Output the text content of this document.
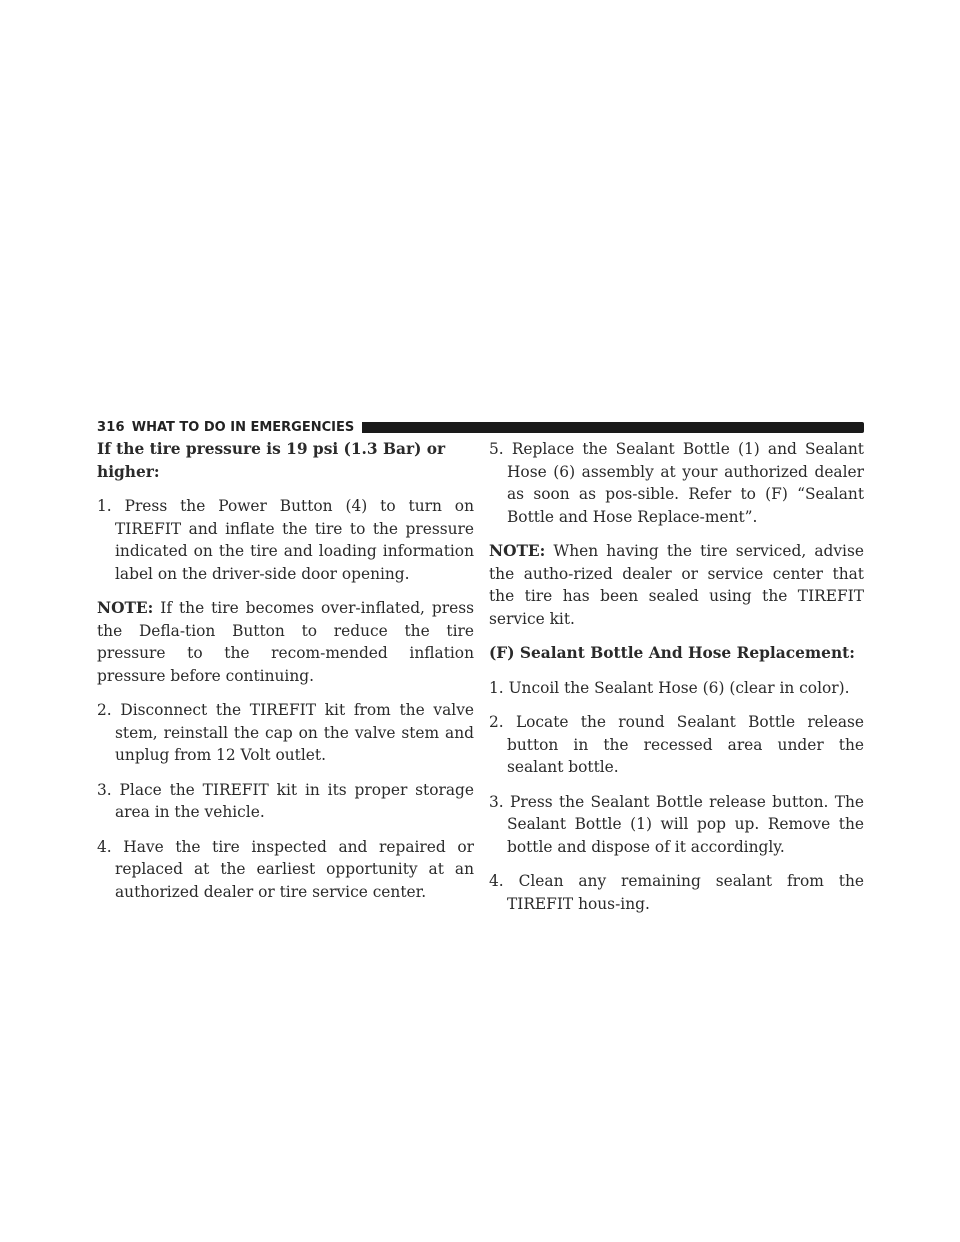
316 WHAT TO DO IN EMERGENCIES

If the tire pressure is 19 psi (1.3 Bar) or higher:

1. Press the Power Button (4) to turn on TIREFIT and inflate the tire to the pressure indicated on the tire and loading information label on the driver-side door opening.

NOTE: If the tire becomes over-inflated, press the Defla-tion Button to reduce the tire pressure to the recom-mended inflation pressure before continuing.

2. Disconnect the TIREFIT kit from the valve stem, reinstall the cap on the valve stem and unplug from 12 Volt outlet.

3. Place the TIREFIT kit in its proper storage area in the vehicle.

4. Have the tire inspected and repaired or replaced at the earliest opportunity at an authorized dealer or tire service center.

5. Replace the Sealant Bottle (1) and Sealant Hose (6) assembly at your authorized dealer as soon as pos-sible. Refer to (F) “Sealant Bottle and Hose Replace-ment”.

NOTE: When having the tire serviced, advise the autho-rized dealer or service center that the tire has been sealed using the TIREFIT service kit.

(F) Sealant Bottle And Hose Replacement:

1. Uncoil the Sealant Hose (6) (clear in color).

2. Locate the round Sealant Bottle release button in the recessed area under the sealant bottle.

3. Press the Sealant Bottle release button. The Sealant Bottle (1) will pop up. Remove the bottle and dispose of it accordingly.

4. Clean any remaining sealant from the TIREFIT hous-ing.
